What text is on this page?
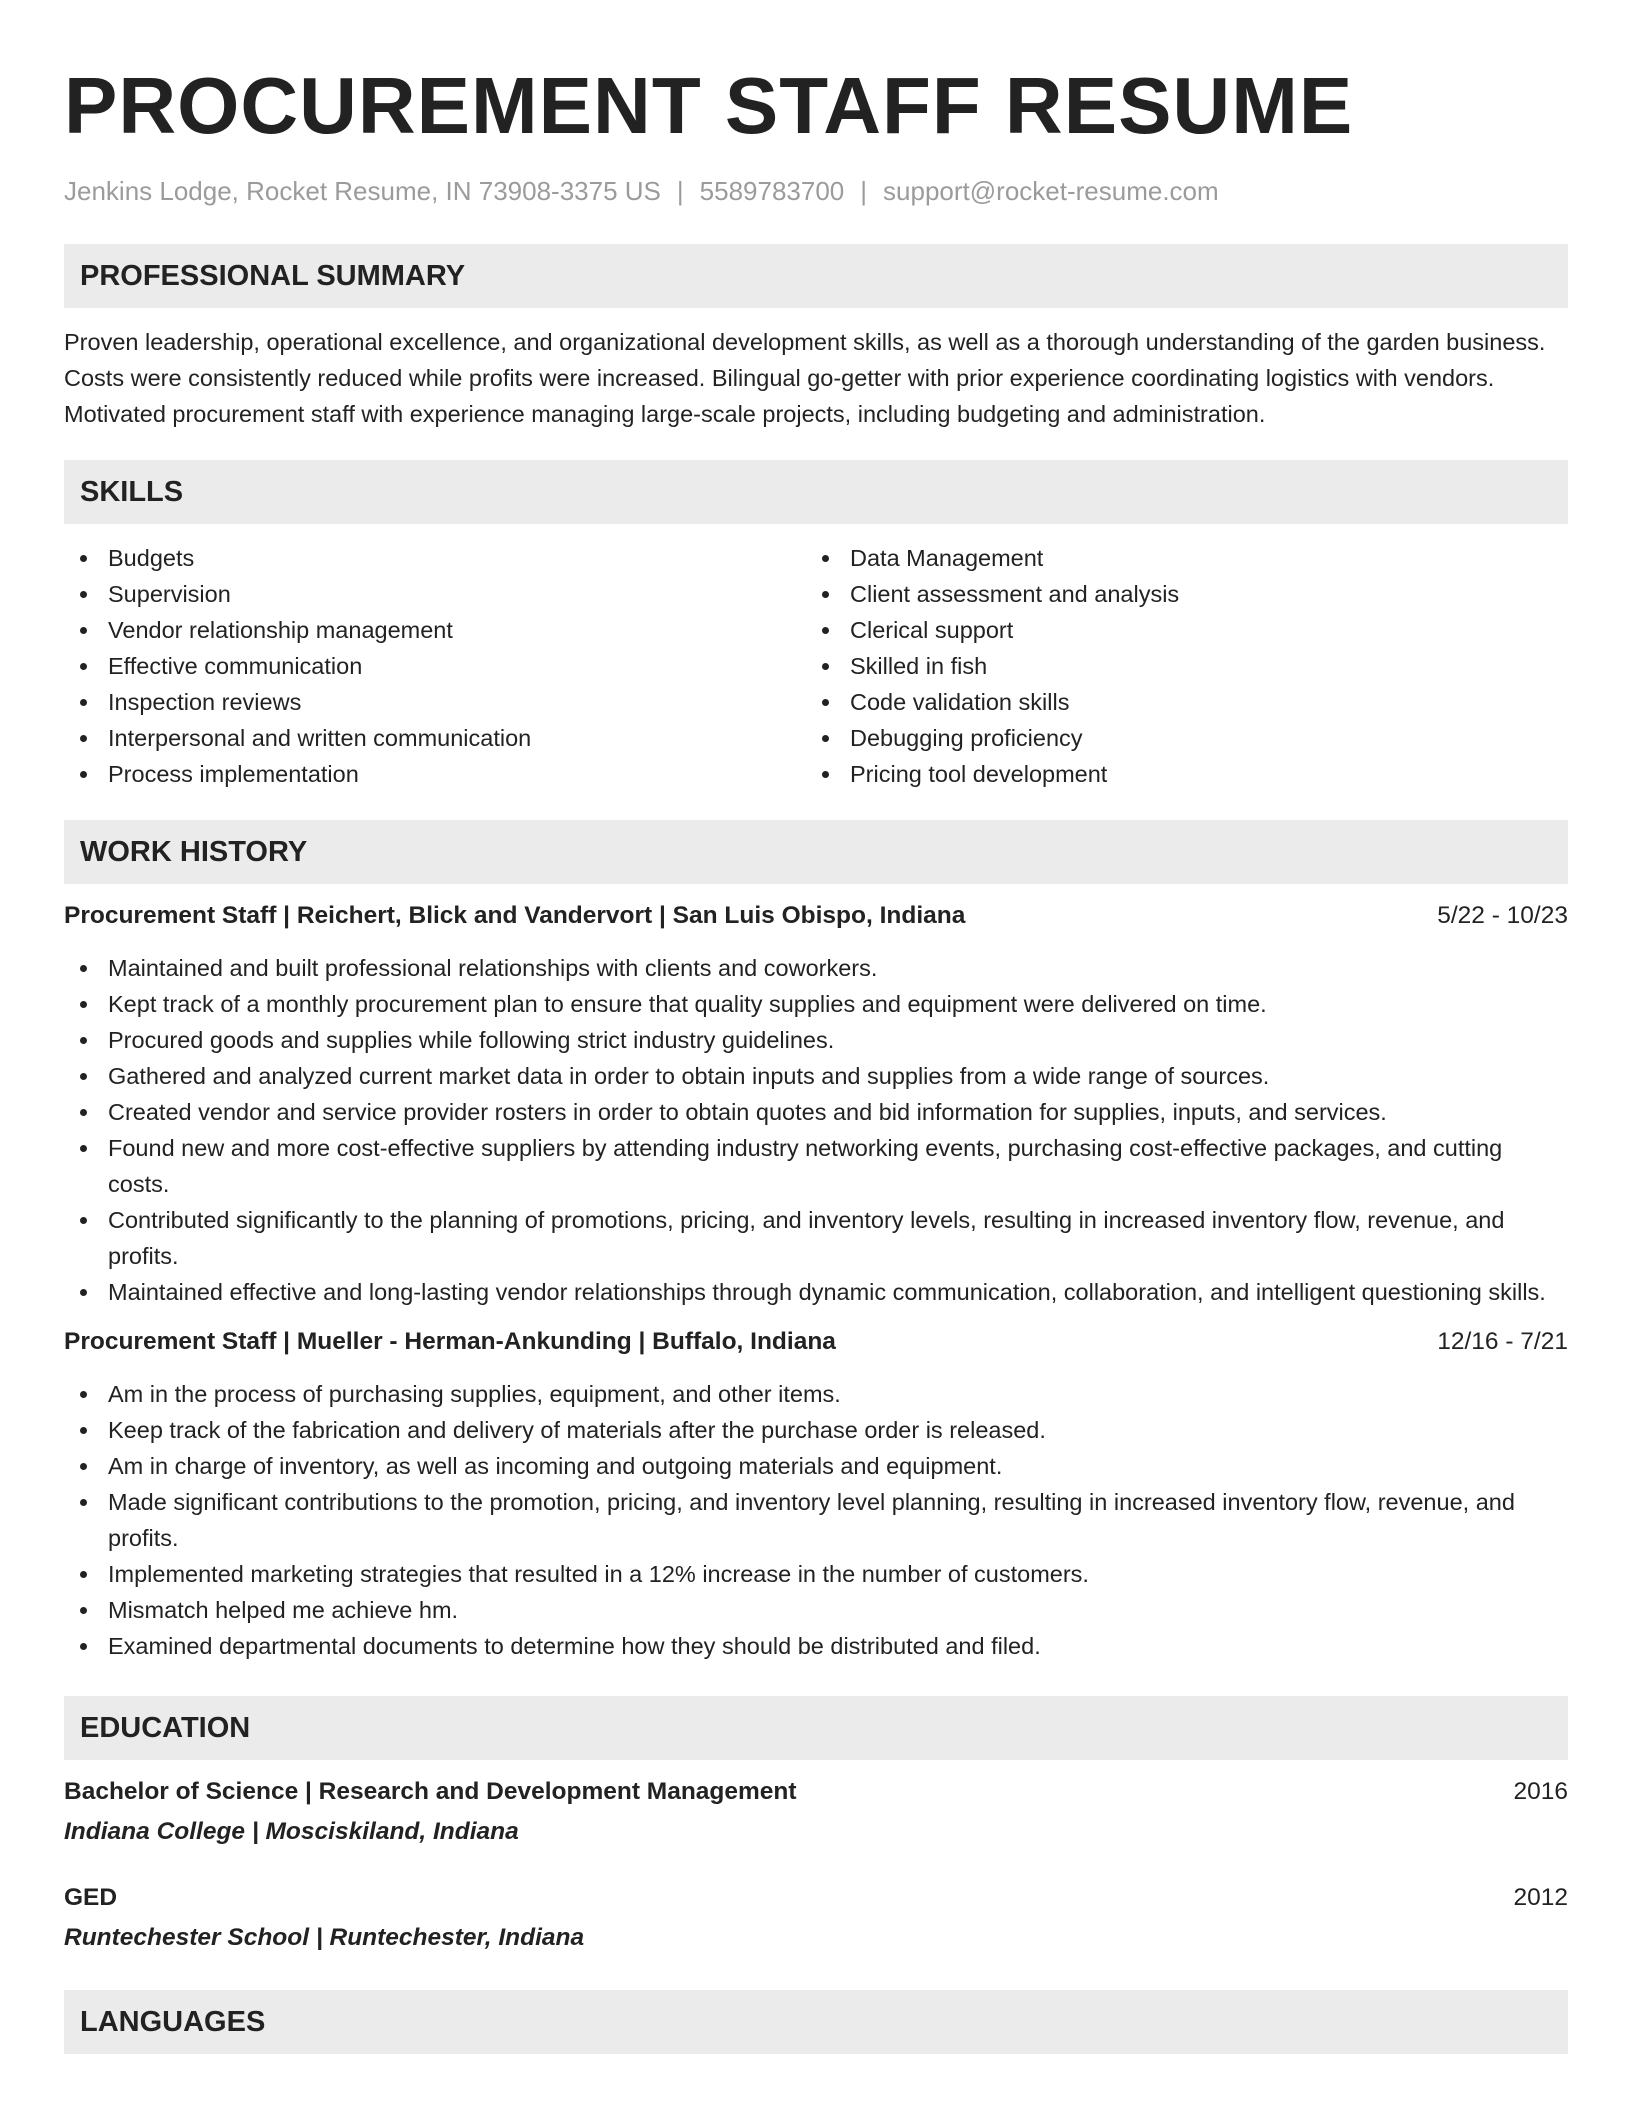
PROCUREMENT STAFF RESUME
Jenkins Lodge, Rocket Resume, IN 73908-3375 US | 5589783700 | support@rocket-resume.com
PROFESSIONAL SUMMARY

Proven leadership, operational excellence, and organizational development skills, as well as a thorough understanding of the garden business. Costs were consistently reduced while profits were increased. Bilingual go-getter with prior experience coordinating logistics with vendors. Motivated procurement staff with experience managing large-scale projects, including budgeting and administration.

SKILLS
Budgets
Supervision
Vendor relationship management
Effective communication
Inspection reviews
Interpersonal and written communication
Process implementation
Data Management
Client assessment and analysis
Clerical support
Skilled in fish
Code validation skills
Debugging proficiency
Pricing tool development
WORK HISTORY
Procurement Staff | Reichert, Blick and Vandervort | San Luis Obispo, Indiana	5/22 - 10/23
Maintained and built professional relationships with clients and coworkers.
Kept track of a monthly procurement plan to ensure that quality supplies and equipment were delivered on time.
Procured goods and supplies while following strict industry guidelines.
Gathered and analyzed current market data in order to obtain inputs and supplies from a wide range of sources.
Created vendor and service provider rosters in order to obtain quotes and bid information for supplies, inputs, and services.
Found new and more cost-effective suppliers by attending industry networking events, purchasing cost-effective packages, and cutting costs.
Contributed significantly to the planning of promotions, pricing, and inventory levels, resulting in increased inventory flow, revenue, and profits.
Maintained effective and long-lasting vendor relationships through dynamic communication, collaboration, and intelligent questioning skills.
Procurement Staff | Mueller - Herman-Ankunding | Buffalo, Indiana	12/16 - 7/21
Am in the process of purchasing supplies, equipment, and other items.
Keep track of the fabrication and delivery of materials after the purchase order is released.
Am in charge of inventory, as well as incoming and outgoing materials and equipment.
Made significant contributions to the promotion, pricing, and inventory level planning, resulting in increased inventory flow, revenue, and profits.
Implemented marketing strategies that resulted in a 12% increase in the number of customers.
Mismatch helped me achieve hm.
Examined departmental documents to determine how they should be distributed and filed.
EDUCATION
Bachelor of Science | Research and Development Management	2016
Indiana College | Mosciskiland, Indiana
GED	2012
Runtechester School | Runtechester, Indiana
LANGUAGES
